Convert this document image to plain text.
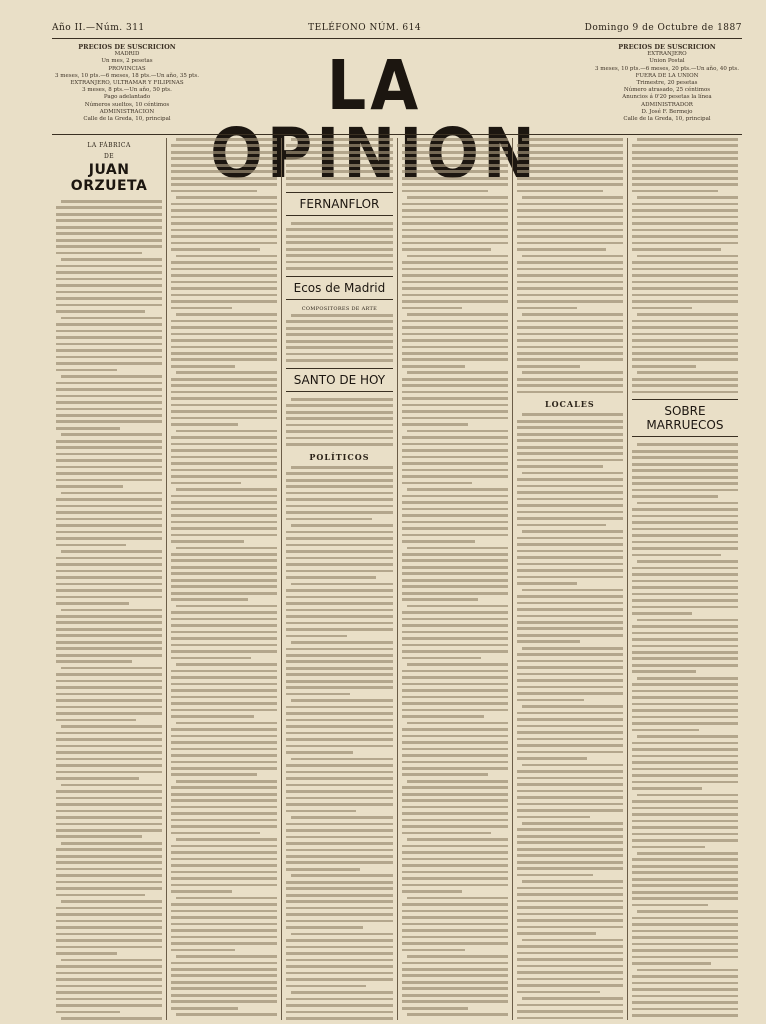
Año II.—Núm. 311	TELÉFONO NÚM. 614	Domingo 9 de Octubre de 1887
PRECIOS DE SUSCRICION
MADRID
Un mes, 2 pesetas
PROVINCIAS
3 meses, 10 pts.—6 meses, 18 pts.—Un año, 35 pts.
EXTRANJERO, ULTRAMAR Y FILIPINAS
3 meses, 8 pts.—Un año, 50 pts.
Pago adelantado
Números sueltos, 10 céntimos
ADMINISTRACION
Calle de la Greda, 10, principal	LA	PRECIOS DE SUSCRICION
EXTRANJERO
Union Postal
3 meses, 10 pts.—6 meses, 20 pts.—Un año, 40 pts.
FUERA DE LA UNION
Trimestre, 20 pesetas
Número atrasado, 25 céntimos
Anuncios á 0'20 pesetas la línea
ADMINISTRADOR
D. José F. Bermejo
Calle de la Greda, 10, principal
LA FÁBRICA
DE
JUAN ORZUETA
FERNANFLOR
Ecos de Madrid
COMPOSITORES DE ARTE
SANTO DE HOY
POLÍTICOS
LOCALES	SOBRE MARRUECOS
